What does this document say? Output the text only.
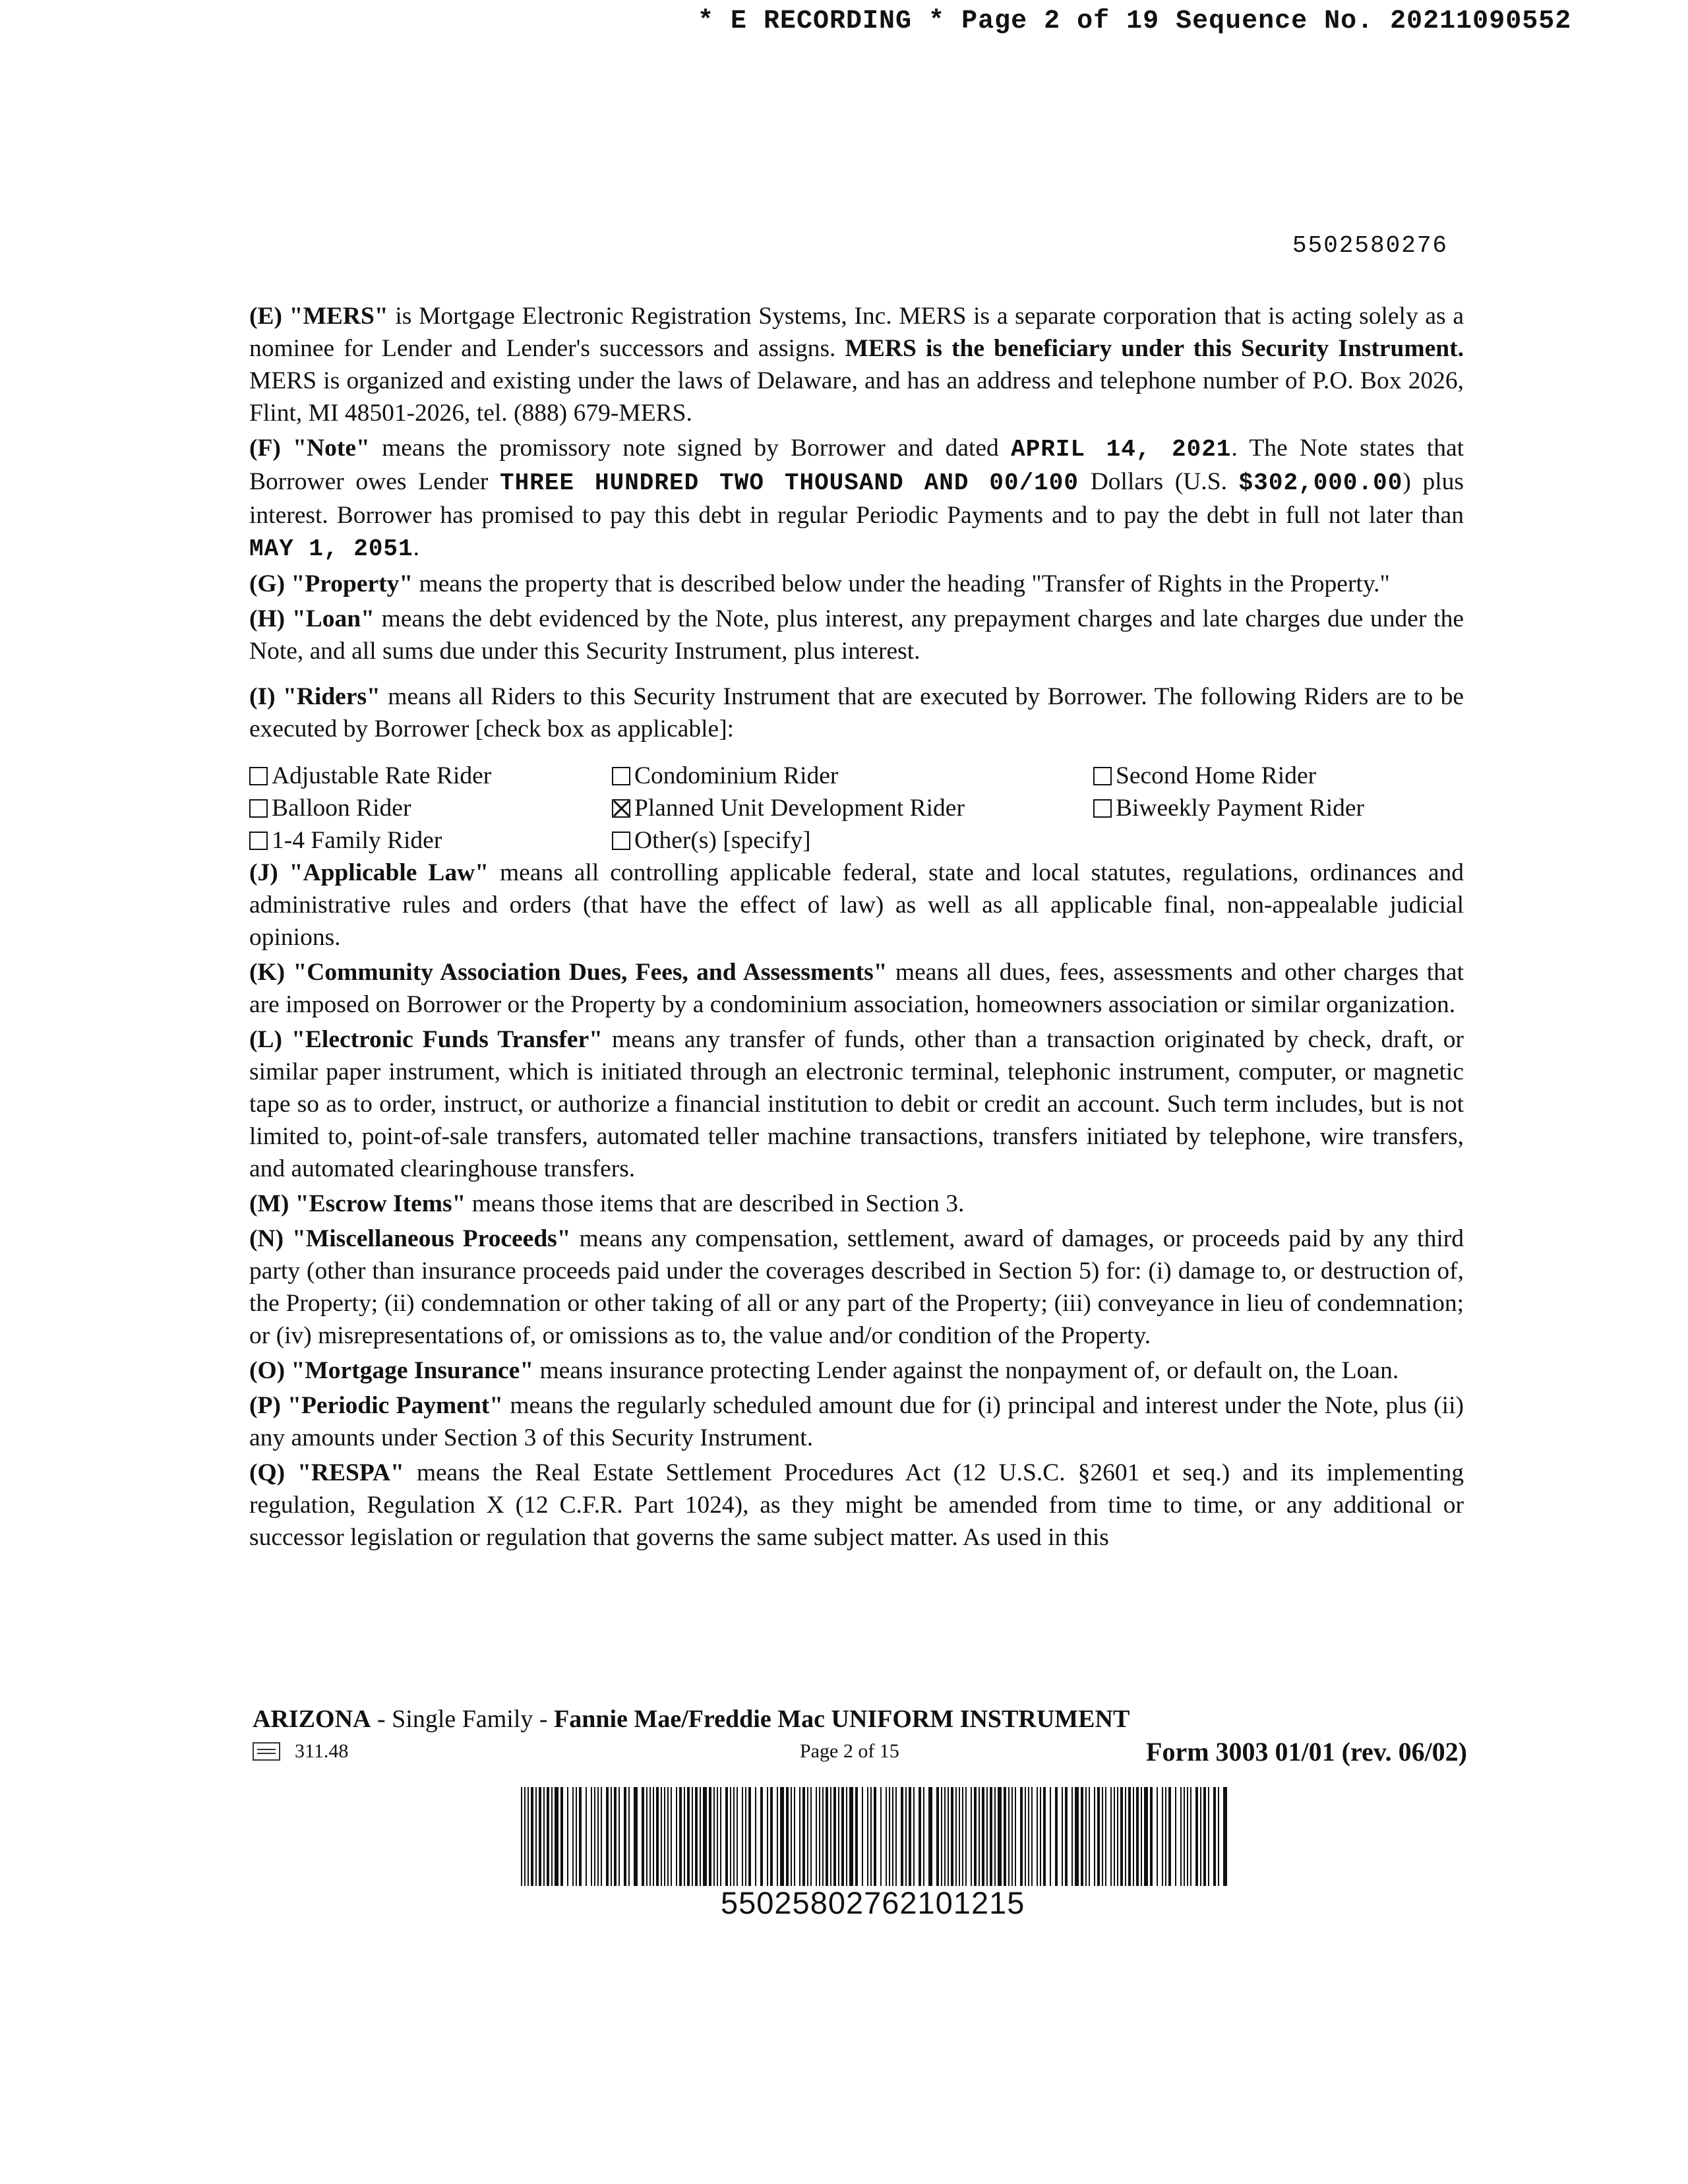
* E RECORDING * Page 2 of 19 Sequence No. 20211090552
5502580276

(E) "MERS" is Mortgage Electronic Registration Systems, Inc. MERS is a separate corporation that is acting solely as a nominee for Lender and Lender's successors and assigns. MERS is the beneficiary under this Security Instrument. MERS is organized and existing under the laws of Delaware, and has an address and telephone number of P.O. Box 2026, Flint, MI 48501-2026, tel. (888) 679-MERS.

(F) "Note" means the promissory note signed by Borrower and dated APRIL 14, 2021. The Note states that Borrower owes Lender THREE HUNDRED TWO THOUSAND AND 00/100 Dollars (U.S. $302,000.00) plus interest. Borrower has promised to pay this debt in regular Periodic Payments and to pay the debt in full not later than MAY 1, 2051.

(G) "Property" means the property that is described below under the heading "Transfer of Rights in the Property."

(H) "Loan" means the debt evidenced by the Note, plus interest, any prepayment charges and late charges due under the Note, and all sums due under this Security Instrument, plus interest.

(I) "Riders" means all Riders to this Security Instrument that are executed by Borrower. The following Riders are to be executed by Borrower [check box as applicable]:

Adjustable Rate Rider	Condominium Rider	Second Home Rider
Balloon Rider	Planned Unit Development Rider	Biweekly Payment Rider
1-4 Family Rider	Other(s) [specify]

(J) "Applicable Law" means all controlling applicable federal, state and local statutes, regulations, ordinances and administrative rules and orders (that have the effect of law) as well as all applicable final, non-appealable judicial opinions.

(K) "Community Association Dues, Fees, and Assessments" means all dues, fees, assessments and other charges that are imposed on Borrower or the Property by a condominium association, homeowners association or similar organization.

(L) "Electronic Funds Transfer" means any transfer of funds, other than a transaction originated by check, draft, or similar paper instrument, which is initiated through an electronic terminal, telephonic instrument, computer, or magnetic tape so as to order, instruct, or authorize a financial institution to debit or credit an account. Such term includes, but is not limited to, point-of-sale transfers, automated teller machine transactions, transfers initiated by telephone, wire transfers, and automated clearinghouse transfers.

(M) "Escrow Items" means those items that are described in Section 3.

(N) "Miscellaneous Proceeds" means any compensation, settlement, award of damages, or proceeds paid by any third party (other than insurance proceeds paid under the coverages described in Section 5) for: (i) damage to, or destruction of, the Property; (ii) condemnation or other taking of all or any part of the Property; (iii) conveyance in lieu of condemnation; or (iv) misrepresentations of, or omissions as to, the value and/or condition of the Property.

(O) "Mortgage Insurance" means insurance protecting Lender against the nonpayment of, or default on, the Loan.

(P) "Periodic Payment" means the regularly scheduled amount due for (i) principal and interest under the Note, plus (ii) any amounts under Section 3 of this Security Instrument.

(Q) "RESPA" means the Real Estate Settlement Procedures Act (12 U.S.C. §2601 et seq.) and its implementing regulation, Regulation X (12 C.F.R. Part 1024), as they might be amended from time to time, or any additional or successor legislation or regulation that governs the same subject matter. As used in this

ARIZONA - Single Family - Fannie Mae/Freddie Mac UNIFORM INSTRUMENT
311.48	Page 2 of 15	Form 3003 01/01 (rev. 06/02)
55025802762101215
